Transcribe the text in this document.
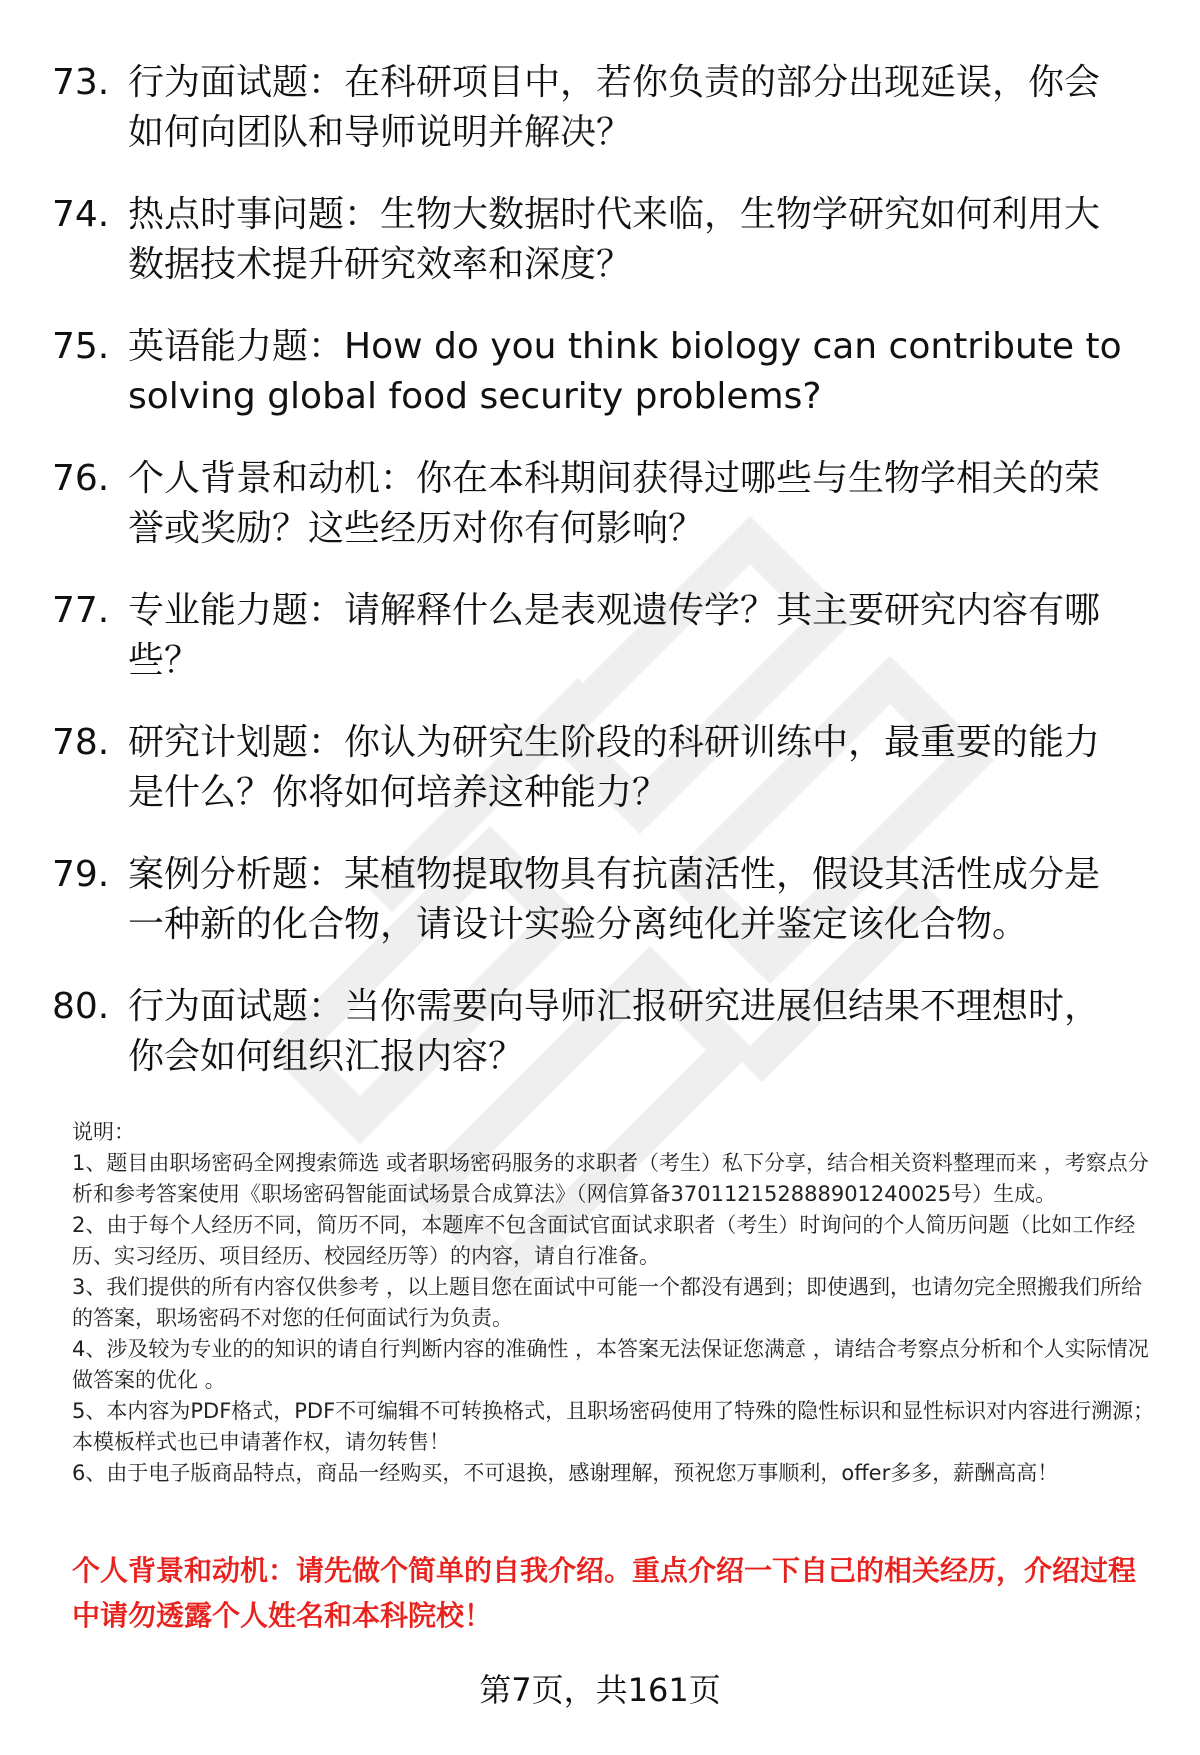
73. 行为面试题：在科研项目中，若你负责的部分出现延误，你会如何向团队和导师说明并解决？
74. 热点时事问题：生物大数据时代来临，生物学研究如何利用大数据技术提升研究效率和深度？
75. 英语能力题：How do you think biology can contribute to solving global food security problems?
76. 个人背景和动机：你在本科期间获得过哪些与生物学相关的荣誉或奖励？这些经历对你有何影响？
77. 专业能力题：请解释什么是表观遗传学？其主要研究内容有哪些？
78. 研究计划题：你认为研究生阶段的科研训练中，最重要的能力是什么？你将如何培养这种能力？
79. 案例分析题：某植物提取物具有抗菌活性，假设其活性成分是一种新的化合物，请设计实验分离纯化并鉴定该化合物。
80. 行为面试题：当你需要向导师汇报研究进展但结果不理想时，你会如何组织汇报内容？

说明：

1、题目由职场密码全网搜索筛选 或者职场密码服务的求职者（考生）私下分享，结合相关资料整理而来 ，考察点分析和参考答案使用《职场密码智能面试场景合成算法》（网信算备370112152888901240025号）生成。

2、由于每个人经历不同，简历不同，本题库不包含面试官面试求职者（考生）时询问的个人简历问题（比如工作经历、实习经历、项目经历、校园经历等）的内容，请自行准备。

3、我们提供的所有内容仅供参考 ，以上题目您在面试中可能一个都没有遇到；即使遇到，也请勿完全照搬我们所给的答案，职场密码不对您的任何面试行为负责。

4、涉及较为专业的的知识的请自行判断内容的准确性 ，本答案无法保证您满意 ，请结合考察点分析和个人实际情况做答案的优化 。

5、本内容为PDF格式，PDF不可编辑不可转换格式，且职场密码使用了特殊的隐性标识和显性标识对内容进行溯源；本模板样式也已申请著作权，请勿转售！

6、由于电子版商品特点，商品一经购买，不可退换，感谢理解，预祝您万事顺利，offer多多，薪酬高高！

个人背景和动机：请先做个简单的自我介绍。重点介绍一下自己的相关经历，介绍过程中请勿透露个人姓名和本科院校！
第7页，共161页
